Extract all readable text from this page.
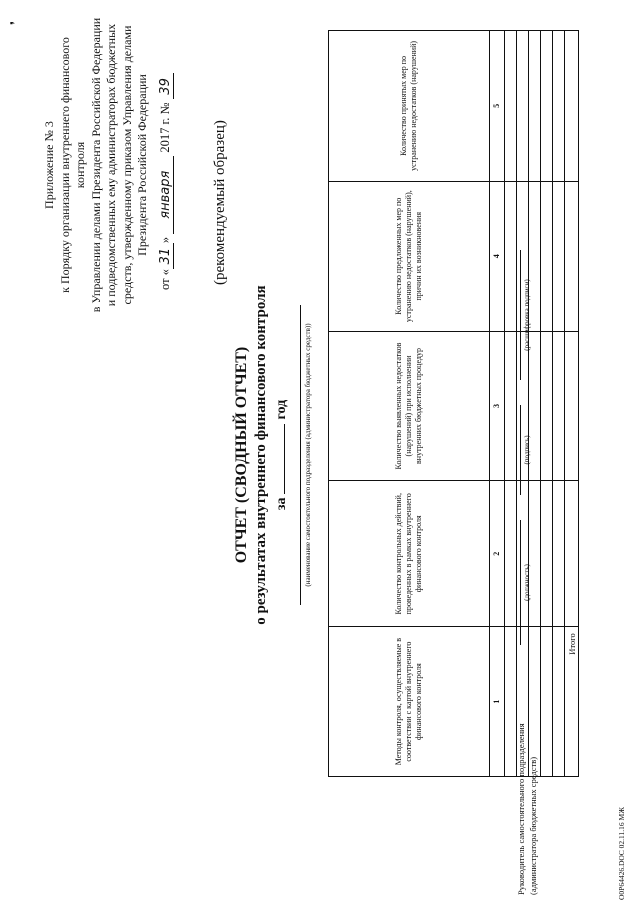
❜
Приложение № 3 к Порядку организации внутреннего финансового контроля в Управлении делами Президента Российской Федерации и подведомственных ему администраторах бюджетных средств, утвержденному приказом Управления делами Президента Российской Федерации
от «31» января 2017 г. № 39
(рекомендуемый образец)
ОТЧЕТ (СВОДНЫЙ ОТЧЕТ) о результатах внутреннего финансового контроля загод (наименование самостоятельного подразделения (администратора бюджетных средств))
Методы контроля, осуществляемые в соответствии с картой внутреннего финансового контроля	Количество контрольных действий, проведенных в рамках внутреннего финансового контроля	Количество выявленных недостатков (нарушений) при исполнении внутренних бюджетных процедур	Количество предложенных мер по устранению недостатков (нарушений), причин их возникновения	Количество принятых мер по устранению недостатков (нарушений)
1	2	3	4	5

Итого				
Руководитель самостоятельного подразделения (администратора бюджетных средств)
(должность)
(подпись)
(расшифровка подписи)
О0Р64426.DOC 02.11.16 МЖ
